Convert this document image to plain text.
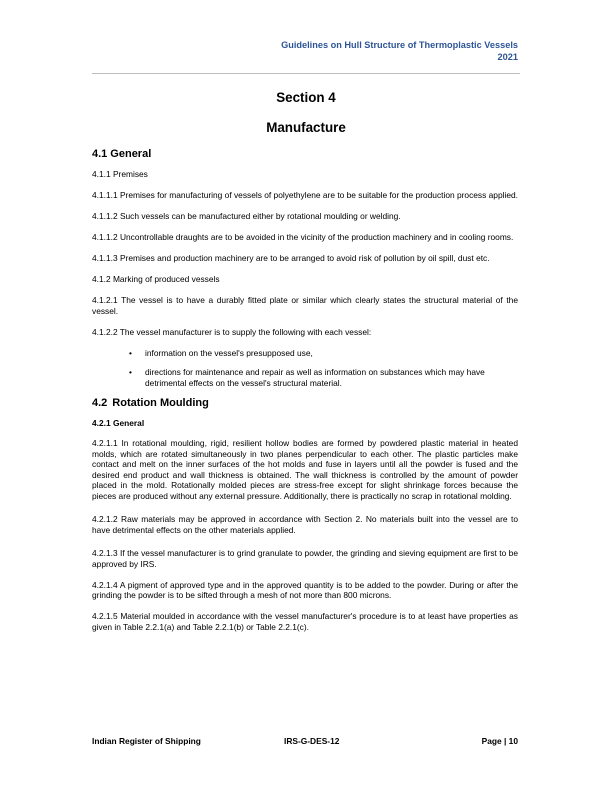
Guidelines on Hull Structure of Thermoplastic Vessels
2021
Section 4
Manufacture
4.1 General
4.1.1 Premises
4.1.1.1 Premises for manufacturing of vessels of polyethylene are to be suitable for the production process applied.
4.1.1.2 Such vessels can be manufactured either by rotational moulding or welding.
4.1.1.2 Uncontrollable draughts are to be avoided in the vicinity of the production machinery and in cooling rooms.
4.1.1.3 Premises and production machinery are to be arranged to avoid risk of pollution by oil spill, dust etc.
4.1.2 Marking of produced vessels
4.1.2.1 The vessel is to have a durably fitted plate or similar which clearly states the structural material of the vessel.
4.1.2.2 The vessel manufacturer is to supply the following with each vessel:
• information on the vessel's presupposed use,
• directions for maintenance and repair as well as information on substances which may have detrimental effects on the vessel's structural material.
4.2 Rotation Moulding
4.2.1 General
4.2.1.1 In rotational moulding, rigid, resilient hollow bodies are formed by powdered plastic material in heated molds, which are rotated simultaneously in two planes perpendicular to each other. The plastic particles make contact and melt on the inner surfaces of the hot molds and fuse in layers until all the powder is fused and the desired end product and wall thickness is obtained. The wall thickness is controlled by the amount of powder placed in the mold. Rotationally molded pieces are stress-free except for slight shrinkage forces because the pieces are produced without any external pressure. Additionally, there is practically no scrap in rotational molding.
4.2.1.2 Raw materials may be approved in accordance with Section 2. No materials built into the vessel are to have detrimental effects on the other materials applied.
4.2.1.3 If the vessel manufacturer is to grind granulate to powder, the grinding and sieving equipment are first to be approved by IRS.
4.2.1.4 A pigment of approved type and in the approved quantity is to be added to the powder. During or after the grinding the powder is to be sifted through a mesh of not more than 800 microns.
4.2.1.5 Material moulded in accordance with the vessel manufacturer's procedure is to at least have properties as given in Table 2.2.1(a) and Table 2.2.1(b) or Table 2.2.1(c).
Indian Register of Shipping	IRS-G-DES-12	Page | 10
